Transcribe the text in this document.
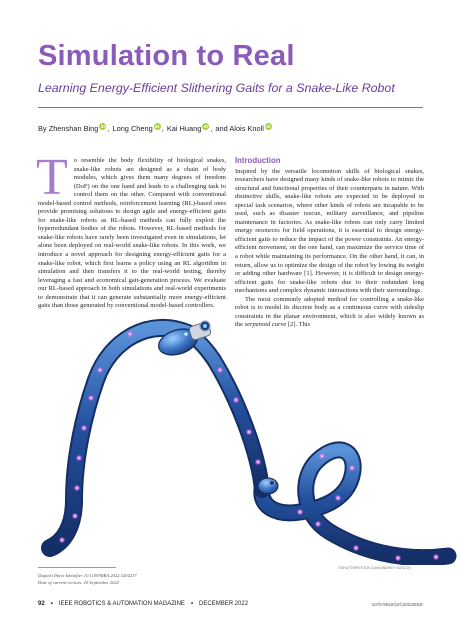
Simulation to Real
Learning Energy-Efficient Slithering Gaits for a Snake-Like Robot
By Zhenshan Bing iD , Long Cheng iD , Kai Huang iD , and Alois Knoll iD
T o resemble the body flexibility of biological snakes, snake-like robots are designed as a chain of body modules, which gives them many degrees of freedom (DoF) on the one hand and leads to a challenging task to control them on the other. Compared with conventional model-based control methods, reinforcement learning (RL)-based ones provide promising solutions to design agile and energy-efficient gaits for snake-like robots as RL-based methods can fully exploit the hyperredundant bodies of the robots. However, RL-based methods for snake-like robots have rarely been investigated even in simulations, let alone been deployed on real-world snake-like robots. In this work, we introduce a novel approach for designing energy-efficient gaits for a snake-like robot, which first learns a policy using an RL algorithm in simulation and then transfers it to the real-world testing, thereby leveraging a fast and economical gait-generation process. We evaluate our RL-based approach in both simulations and real-world experiments to demonstrate that it can generate substantially more energy-efficient gaits than those generated by conventional model-based controllers.
Introduction
Inspired by the versatile locomotion skills of biological snakes, researchers have designed many kinds of snake-like robots to mimic the structural and functional properties of their counterparts in nature. With distinctive skills, snake-like robots are expected to be deployed in special task scenarios, where other kinds of robots are incapable to be used, such as disaster rescue, military surveillance, and pipeline maintenance in factories. As snake-like robots can only carry limited energy resources for field operations, it is essential to design energy-efficient gaits to reduce the impact of the power constraints. An energy-efficient movement, on the one hand, can maximize the service time of a robot while maintaining its performance. On the other hand, it can, in return, allow us to optimize the design of the robot by lowing its weight or adding other hardware [1]. However, it is difficult to design energy-efficient gaits for snake-like robots due to their redundant long mechanisms and complex dynamic interactions with their surroundings.
The most commonly adopted method for controlling a snake-like robot is to model its discrete body as a continuous curve with sideslip constraints in the planar environment, which is also widely known as the serpenoid curve [2]. This
©SHUTTERSTOCK.COM/ANDREY SUSLOV
Digital Object Identifier 10.1109/MRA.2022.3204237
Date of current version: 20 September 2022
92 • IEEE ROBOTICS & AUTOMATION MAGAZINE • DECEMBER 2022	1070-9932/22©2022IEEE
